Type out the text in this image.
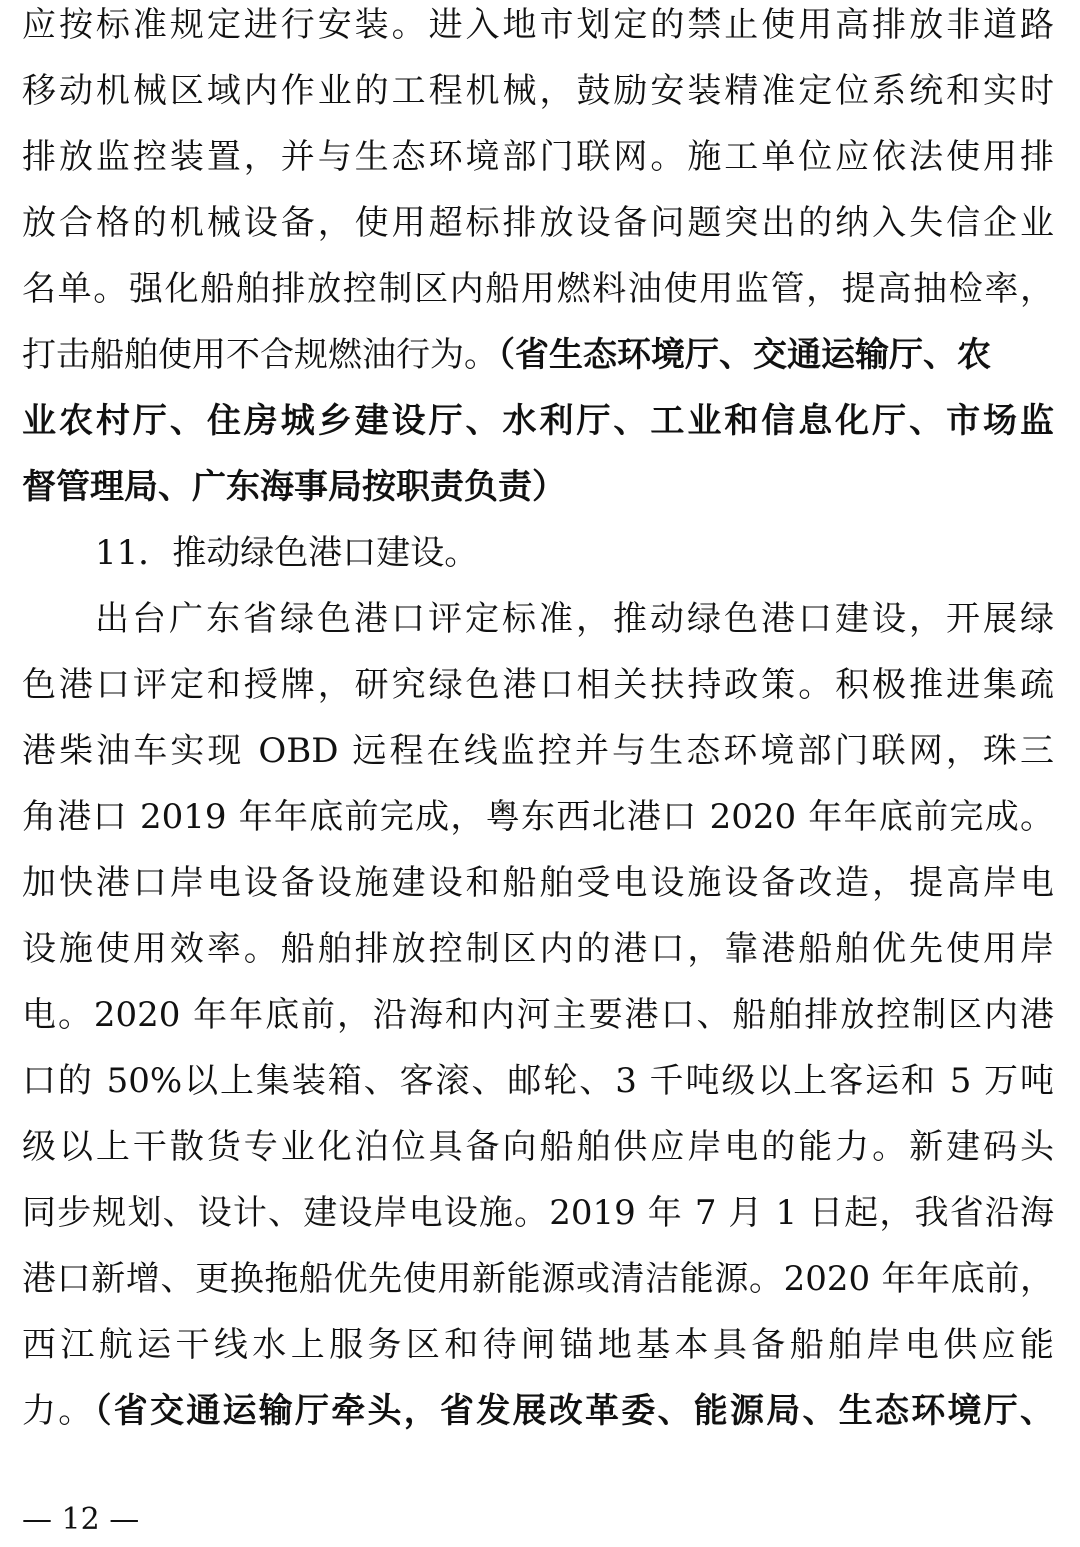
应按标准规定进行安装。进入地市划定的禁止使用高排放非道路
移动机械区域内作业的工程机械，鼓励安装精准定位系统和实时
排放监控装置，并与生态环境部门联网。施工单位应依法使用排
放合格的机械设备，使用超标排放设备问题突出的纳入失信企业
名单。强化船舶排放控制区内船用燃料油使用监管，提高抽检率，
打击船舶使用不合规燃油行为。（省生态环境厅、交通运输厅、农
业农村厅、住房城乡建设厅、水利厅、工业和信息化厅、市场监
督管理局、广东海事局按职责负责）
11．推动绿色港口建设。
出台广东省绿色港口评定标准，推动绿色港口建设，开展绿
色港口评定和授牌，研究绿色港口相关扶持政策。积极推进集疏
港柴油车实现 OBD 远程在线监控并与生态环境部门联网，珠三
角港口 2019 年年底前完成，粤东西北港口 2020 年年底前完成。
加快港口岸电设备设施建设和船舶受电设施设备改造，提高岸电
设施使用效率。船舶排放控制区内的港口，靠港船舶优先使用岸
电。2020 年年底前，沿海和内河主要港口、船舶排放控制区内港
口的 50%以上集装箱、客滚、邮轮、3 千吨级以上客运和 5 万吨
级以上干散货专业化泊位具备向船舶供应岸电的能力。新建码头
同步规划、设计、建设岸电设施。2019 年 7 月 1 日起，我省沿海
港口新增、更换拖船优先使用新能源或清洁能源。2020 年年底前，
西江航运干线水上服务区和待闸锚地基本具备船舶岸电供应能
力。（省交通运输厅牵头，省发展改革委、能源局、生态环境厅、
— 12 —
